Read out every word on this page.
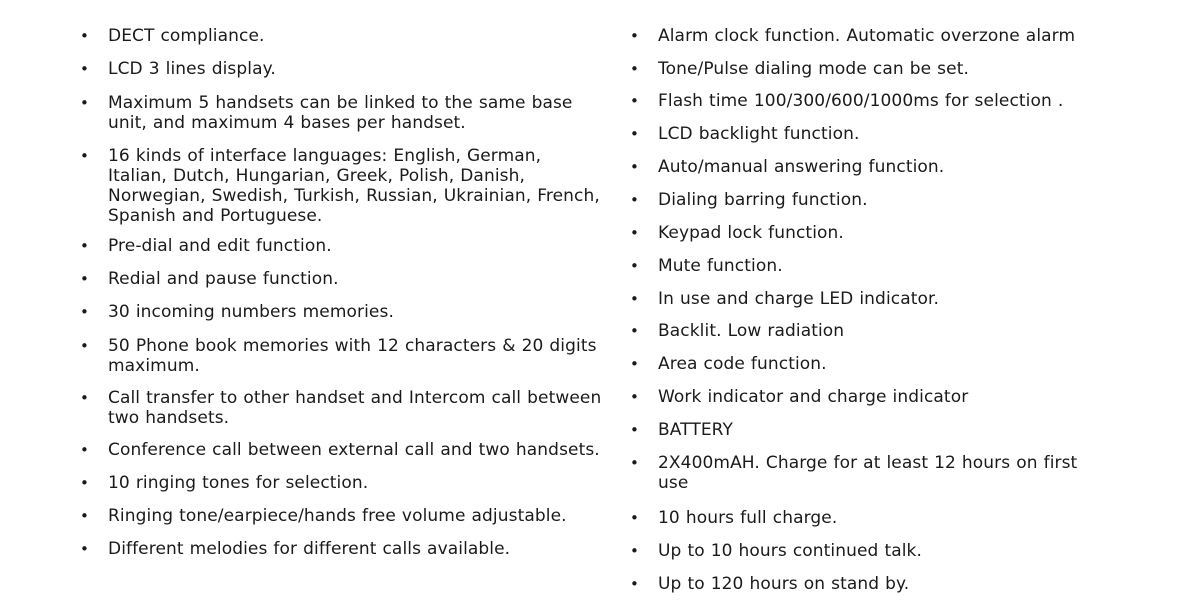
•	DECT compliance.
•	LCD 3 lines display.
•	Maximum 5 handsets can be linked to the same base unit, and maximum 4 bases per handset.
•	16 kinds of interface languages: English, German, Italian, Dutch, Hungarian, Greek, Polish, Danish, Norwegian, Swedish, Turkish, Russian, Ukrainian, French, Spanish and Portuguese.
•	Pre-dial and edit function.
•	Redial and pause function.
•	30 incoming numbers memories.
•	50 Phone book memories with 12 characters & 20 digits maximum.
•	Call transfer to other handset and Intercom call between two handsets.
•	Conference call between external call and two handsets.
•	10 ringing tones for selection.
•	Ringing tone/earpiece/hands free volume adjustable.
•	Different melodies for different calls available.
•	Alarm clock function. Automatic overzone alarm
•	Tone/Pulse dialing mode can be set.
•	Flash time 100/300/600/1000ms for selection .
•	LCD backlight function.
•	Auto/manual answering function.
•	Dialing barring function.
•	Keypad lock function.
•	Mute function.
•	In use and charge LED indicator.
•	Backlit. Low radiation
•	Area code function.
•	Work indicator and charge indicator
•	BATTERY
•	2X400mAH. Charge for at least 12 hours on first use
•	10 hours full charge.
•	Up to 10 hours continued talk.
•	Up to 120 hours on stand by.
